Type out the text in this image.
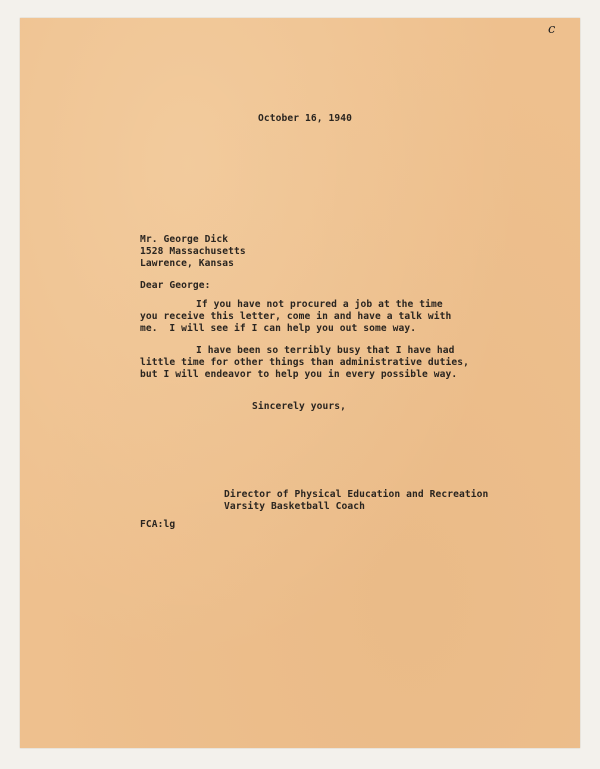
c
October 16, 1940
Mr. George Dick
1528 Massachusetts
Lawrence, Kansas
Dear George:
If you have not procured a job at the time
you receive this letter, come in and have a talk with
me.  I will see if I can help you out some way.
I have been so terribly busy that I have had
little time for other things than administrative duties,
but I will endeavor to help you in every possible way.
Sincerely yours,
Director of Physical Education and Recreation
Varsity Basketball Coach
FCA:lg
